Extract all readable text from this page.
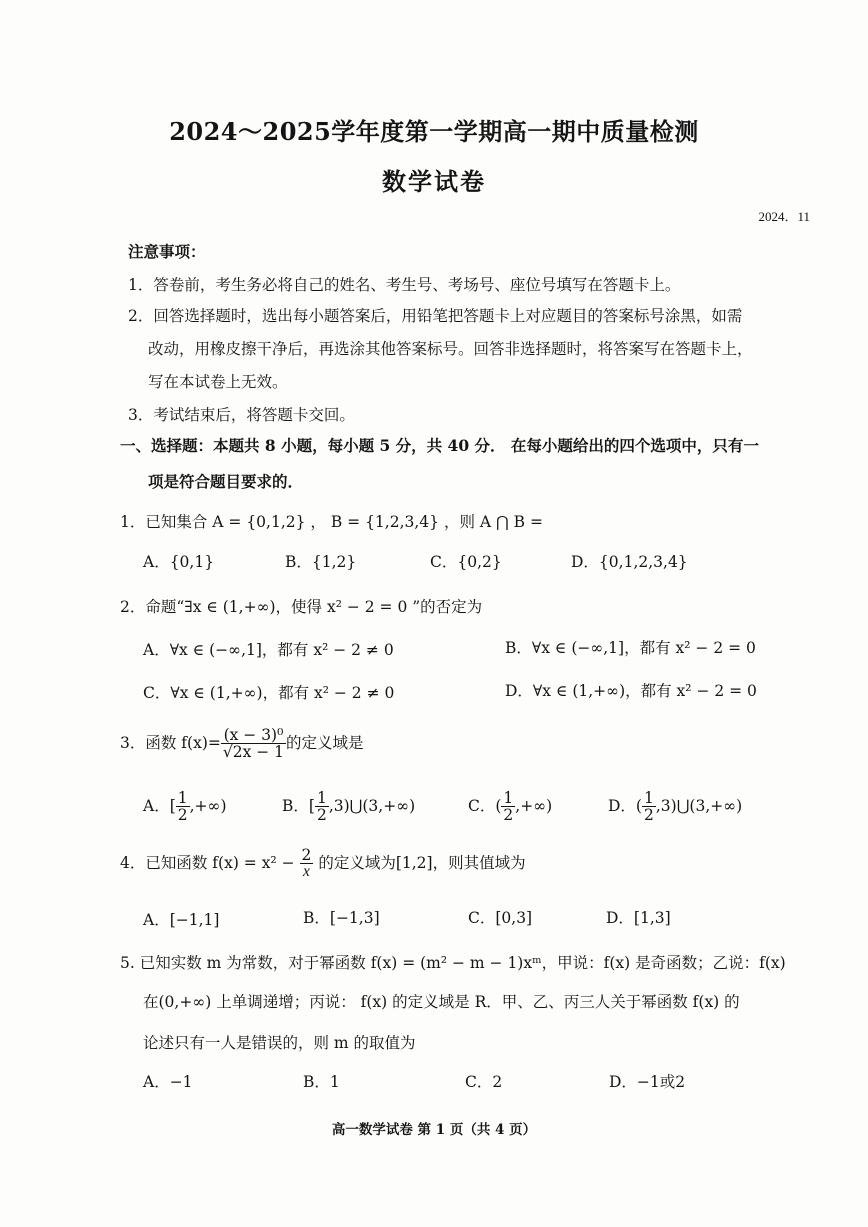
2024～2025学年度第一学期高一期中质量检测
数学试卷
2024．11
注意事项：
1．答卷前，考生务必将自己的姓名、考生号、考场号、座位号填写在答题卡上。
2．回答选择题时，选出每小题答案后，用铅笔把答题卡上对应题目的答案标号涂黑，如需
改动，用橡皮擦干净后，再选涂其他答案标号。回答非选择题时，将答案写在答题卡上，
写在本试卷上无效。
3．考试结束后，将答题卡交回。
一、选择题：本题共 8 小题，每小题 5 分，共 40 分． 在每小题给出的四个选项中，只有一
项是符合题目要求的．
1．已知集合 A = {0,1,2} ， B = {1,2,3,4} ，则 A ⋂ B =
A．{0,1}	B．{1,2}	C．{0,2}	D．{0,1,2,3,4}
2．命题“∃x ∈ (1,+∞)，使得 x² − 2 = 0 ”的否定为
A．∀x ∈ (−∞,1]，都有 x² − 2 ≠ 0	B．∀x ∈ (−∞,1]，都有 x² − 2 = 0
C．∀x ∈ (1,+∞)，都有 x² − 2 ≠ 0	D．∀x ∈ (1,+∞)，都有 x² − 2 = 0
3．函数 $f(x)= \frac{\text{(x − 3)⁰}}{√2x - 1}$ 的定义域是
A．[ $\frac{1}{2}$ ,+∞)	B．[ $\frac{1}{2}$ ,3)⋃(3,+∞)	C．( $\frac{1}{2}$ ,+∞)	D．( $\frac{1}{2}$ ,3)⋃(3,+∞)
4．已知函数 $f(x) = x^2 - \frac{2}{x}$ 的定义域为[1,2]，则其值域为
A．[−1,1]	B．[−1,3]	C．[0,3]	D．[1,3]
5. 已知实数 m 为常数，对于幂函数 f(x) = (m² − m − 1)xᵐ，甲说：f(x) 是奇函数；乙说：f(x)
在(0,+∞) 上单调递增；丙说： f(x) 的定义域是 R．甲、乙、丙三人关于幂函数 f(x) 的
论述只有一人是错误的，则 m 的取值为
A．−1	B．1	C．2	D．−1或2
高一数学试卷 第 1 页（共 4 页）
